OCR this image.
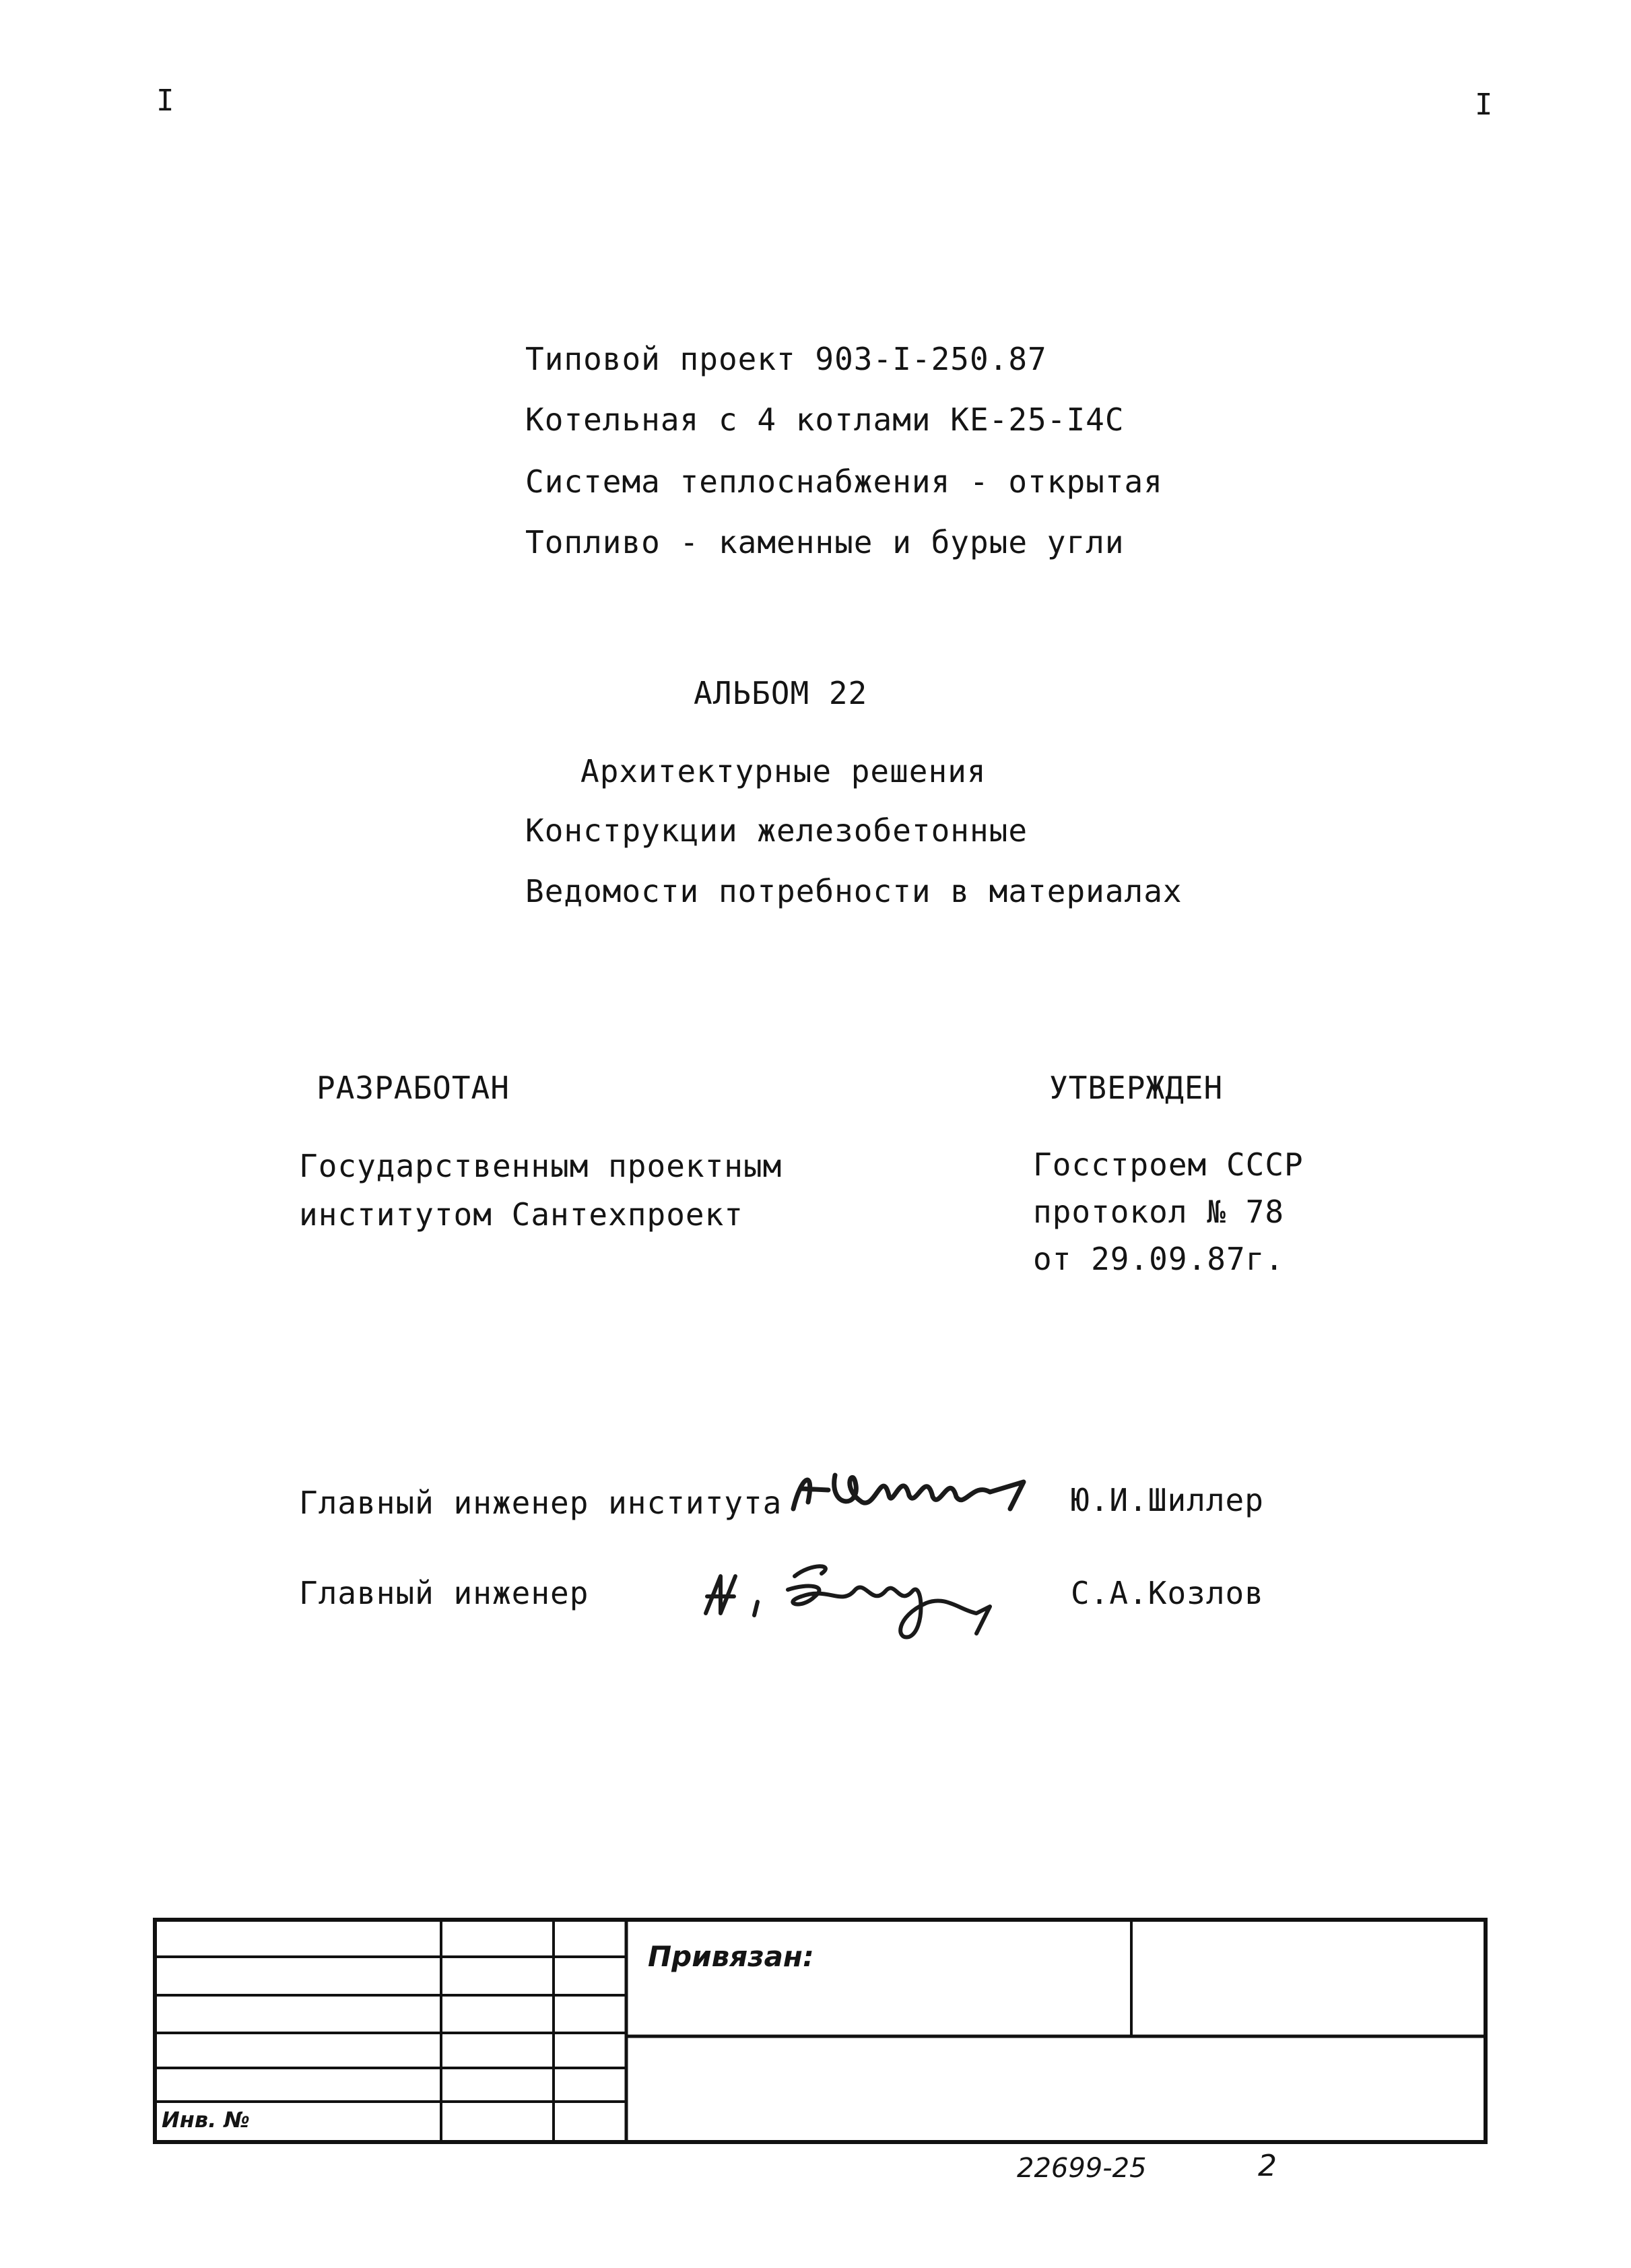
I	I
Типовой проект 903-I-250.87
Котельная с 4 котлами КЕ-25-I4С
Система теплоснабжения - открытая
Топливо - каменные и бурые угли
АЛЬБОМ 22
Архитектурные решения
Конструкции железобетонные
Ведомости потребности в материалах
РАЗРАБОТАН
Государственным проектным
институтом Сантехпроект
УТВЕРЖДЕН
Госстроем СССР
протокол № 78
от 29.09.87г.
Главный инженер института	Ю.И.Шиллер
Главный инженер	С.А.Козлов
Привязан:
Инв. №
22699-25	2
